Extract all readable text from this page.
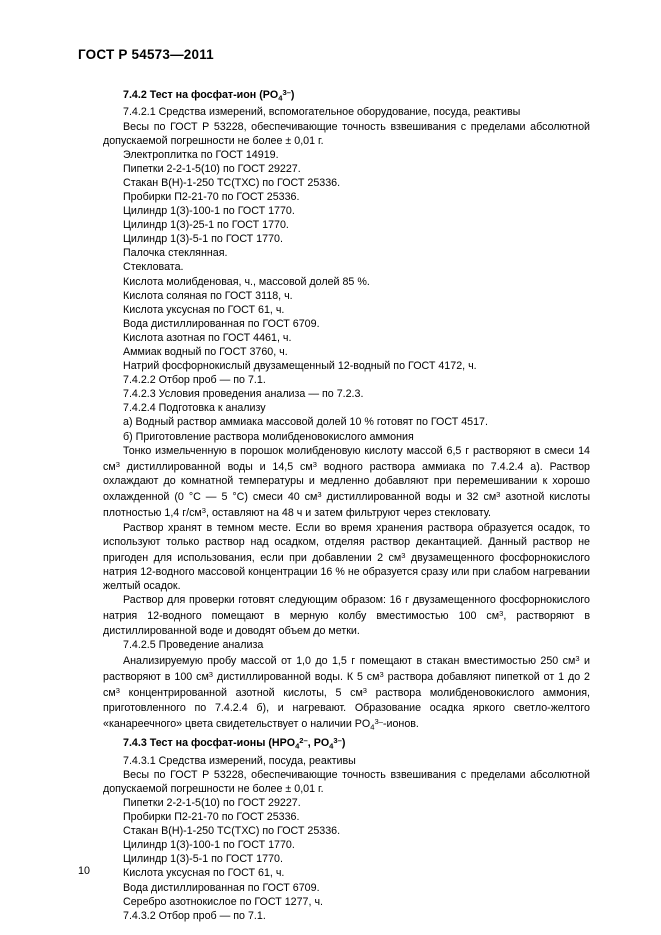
ГОСТ Р 54573—2011

7.4.2 Тест на фосфат-ион $(PO_4^{3-})$

7.4.2.1 Средства измерений, вспомогательное оборудование, посуда, реактивы

Весы по ГОСТ Р 53228, обеспечивающие точность взвешивания с пределами абсолютной допускаемой погрешности не более ± 0,01 г.

Электроплитка по ГОСТ 14919.

Пипетки 2-2-1-5(10) по ГОСТ 29227.

Стакан В(Н)-1-250 ТС(ТХС) по ГОСТ 25336.

Пробирки П2-21-70 по ГОСТ 25336.

Цилиндр 1(3)-100-1 по ГОСТ 1770.

Цилиндр 1(3)-25-1 по ГОСТ 1770.

Цилиндр 1(3)-5-1 по ГОСТ 1770.

Палочка стеклянная.

Стекловата.

Кислота молибденовая, ч., массовой долей 85 %.

Кислота соляная по ГОСТ 3118, ч.

Кислота уксусная по ГОСТ 61, ч.

Вода дистиллированная по ГОСТ 6709.

Кислота азотная по ГОСТ 4461, ч.

Аммиак водный по ГОСТ 3760, ч.

Натрий фосфорнокислый двузамещенный 12-водный по ГОСТ 4172, ч.

7.4.2.2 Отбор проб — по 7.1.

7.4.2.3 Условия проведения анализа — по 7.2.3.

7.4.2.4 Подготовка к анализу

а) Водный раствор аммиака массовой долей 10 % готовят по ГОСТ 4517.

б) Приготовление раствора молибденовокислого аммония

Тонко измельченную в порошок молибденовую кислоту массой 6,5 г растворяют в смеси 14 $см^3$ дистиллированной воды и 14,5 $см^3$ водного раствора аммиака по 7.4.2.4 а). Раствор охлаждают до комнатной температуры и медленно добавляют при перемешивании к хорошо охлажденной (0 °С — 5 °С) смеси 40 $см^3$ дистиллированной воды и 32 $см^3$ азотной кислоты плотностью 1,4 $г/см^3$, оставляют на 48 ч и затем фильтруют через стекловату.

Раствор хранят в темном месте. Если во время хранения раствора образуется осадок, то используют только раствор над осадком, отделяя раствор декантацией. Данный раствор не пригоден для использования, если при добавлении 2 $см^3$ двузамещенного фосфорнокислого натрия 12-водного массовой концентрации 16 % не образуется сразу или при слабом нагревании желтый осадок.

Раствор для проверки готовят следующим образом: 16 г двузамещенного фосфорнокислого натрия 12-водного помещают в мерную колбу вместимостью 100 $см^3$, растворяют в дистиллированной воде и доводят объем до метки.

7.4.2.5 Проведение анализа

Анализируемую пробу массой от 1,0 до 1,5 г помещают в стакан вместимостью 250 $см^3$ и растворяют в 100 $см^3$ дистиллированной воды. К 5 $см^3$ раствора добавляют пипеткой от 1 до 2 $см^3$ концентрированной азотной кислоты, 5 $см^3$ раствора молибденовокислого аммония, приготовленного по 7.4.2.4 б), и нагревают. Образование осадка яркого светло-желтого «канареечного» цвета свидетельствует о наличии $PO_4^{3-}$-ионов.

7.4.3 Тест на фосфат-ионы ($HPO_4^{2-}$, $PO_4^{3-}$)

7.4.3.1 Средства измерений, посуда, реактивы

Весы по ГОСТ Р 53228, обеспечивающие точность взвешивания с пределами абсолютной допускаемой погрешности не более ± 0,01 г.

Пипетки 2-2-1-5(10) по ГОСТ 29227.

Пробирки П2-21-70 по ГОСТ 25336.

Стакан В(Н)-1-250 ТС(ТХС) по ГОСТ 25336.

Цилиндр 1(3)-100-1 по ГОСТ 1770.

Цилиндр 1(3)-5-1 по ГОСТ 1770.

Кислота уксусная по ГОСТ 61, ч.

Вода дистиллированная по ГОСТ 6709.

Серебро азотнокислое по ГОСТ 1277, ч.

7.4.3.2 Отбор проб — по 7.1.

10
